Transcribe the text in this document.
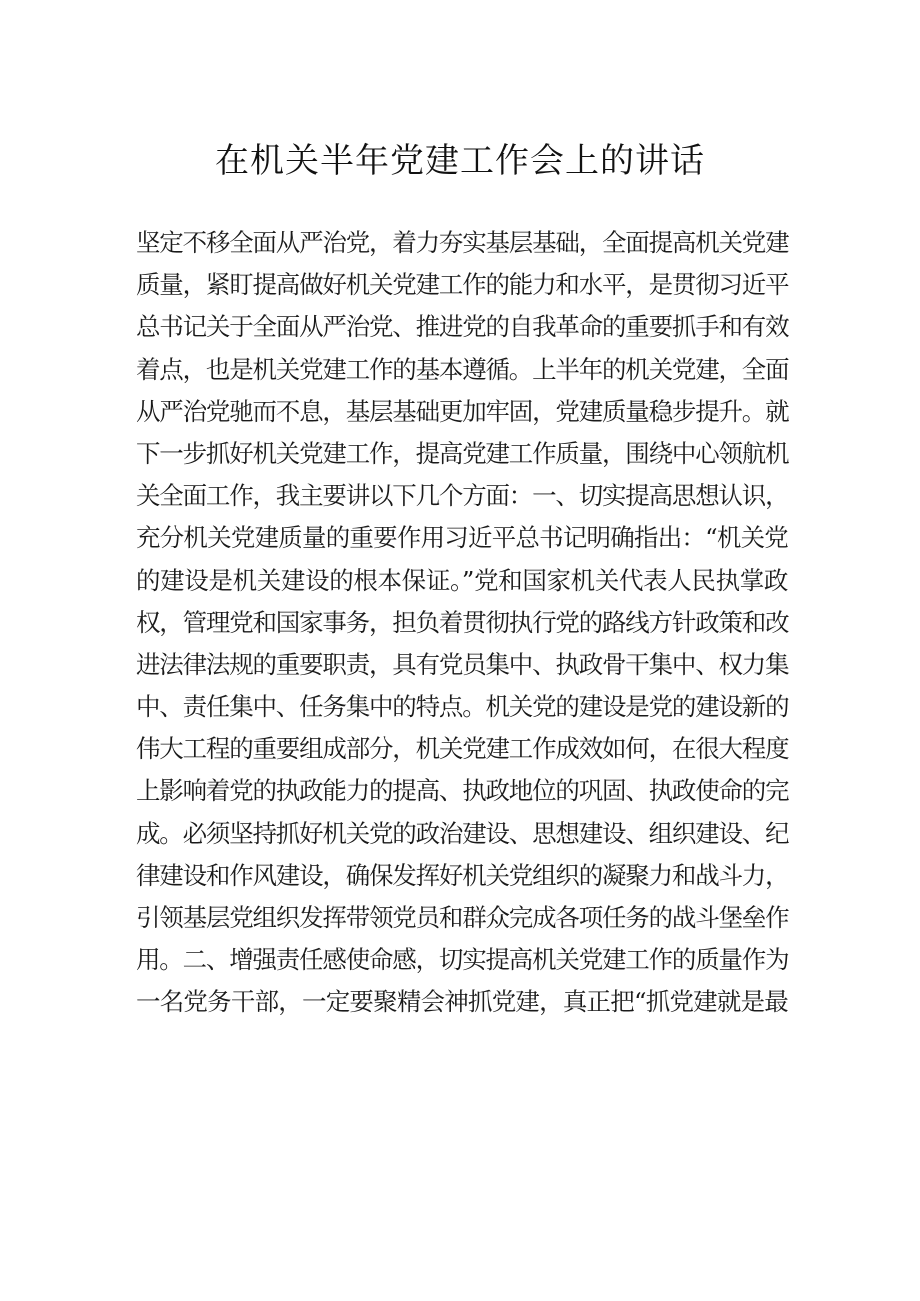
在机关半年党建工作会上的讲话
坚定不移全面从严治党，着力夯实基层基础，全面提高机关党建
质量，紧盯提高做好机关党建工作的能力和水平，是贯彻习近平
总书记关于全面从严治党、推进党的自我革命的重要抓手和有效
着点，也是机关党建工作的基本遵循。上半年的机关党建，全面
从严治党驰而不息，基层基础更加牢固，党建质量稳步提升。就
下一步抓好机关党建工作，提高党建工作质量，围绕中心领航机
关全面工作，我主要讲以下几个方面：一、切实提高思想认识，
充分机关党建质量的重要作用习近平总书记明确指出：“机关党
的建设是机关建设的根本保证。”党和国家机关代表人民执掌政
权，管理党和国家事务，担负着贯彻执行党的路线方针政策和改
进法律法规的重要职责，具有党员集中、执政骨干集中、权力集
中、责任集中、任务集中的特点。机关党的建设是党的建设新的
伟大工程的重要组成部分，机关党建工作成效如何，在很大程度
上影响着党的执政能力的提高、执政地位的巩固、执政使命的完
成。必须坚持抓好机关党的政治建设、思想建设、组织建设、纪
律建设和作风建设，确保发挥好机关党组织的凝聚力和战斗力，
引领基层党组织发挥带领党员和群众完成各项任务的战斗堡垒作
用。二、增强责任感使命感，切实提高机关党建工作的质量作为
一名党务干部，一定要聚精会神抓党建，真正把“抓党建就是最
